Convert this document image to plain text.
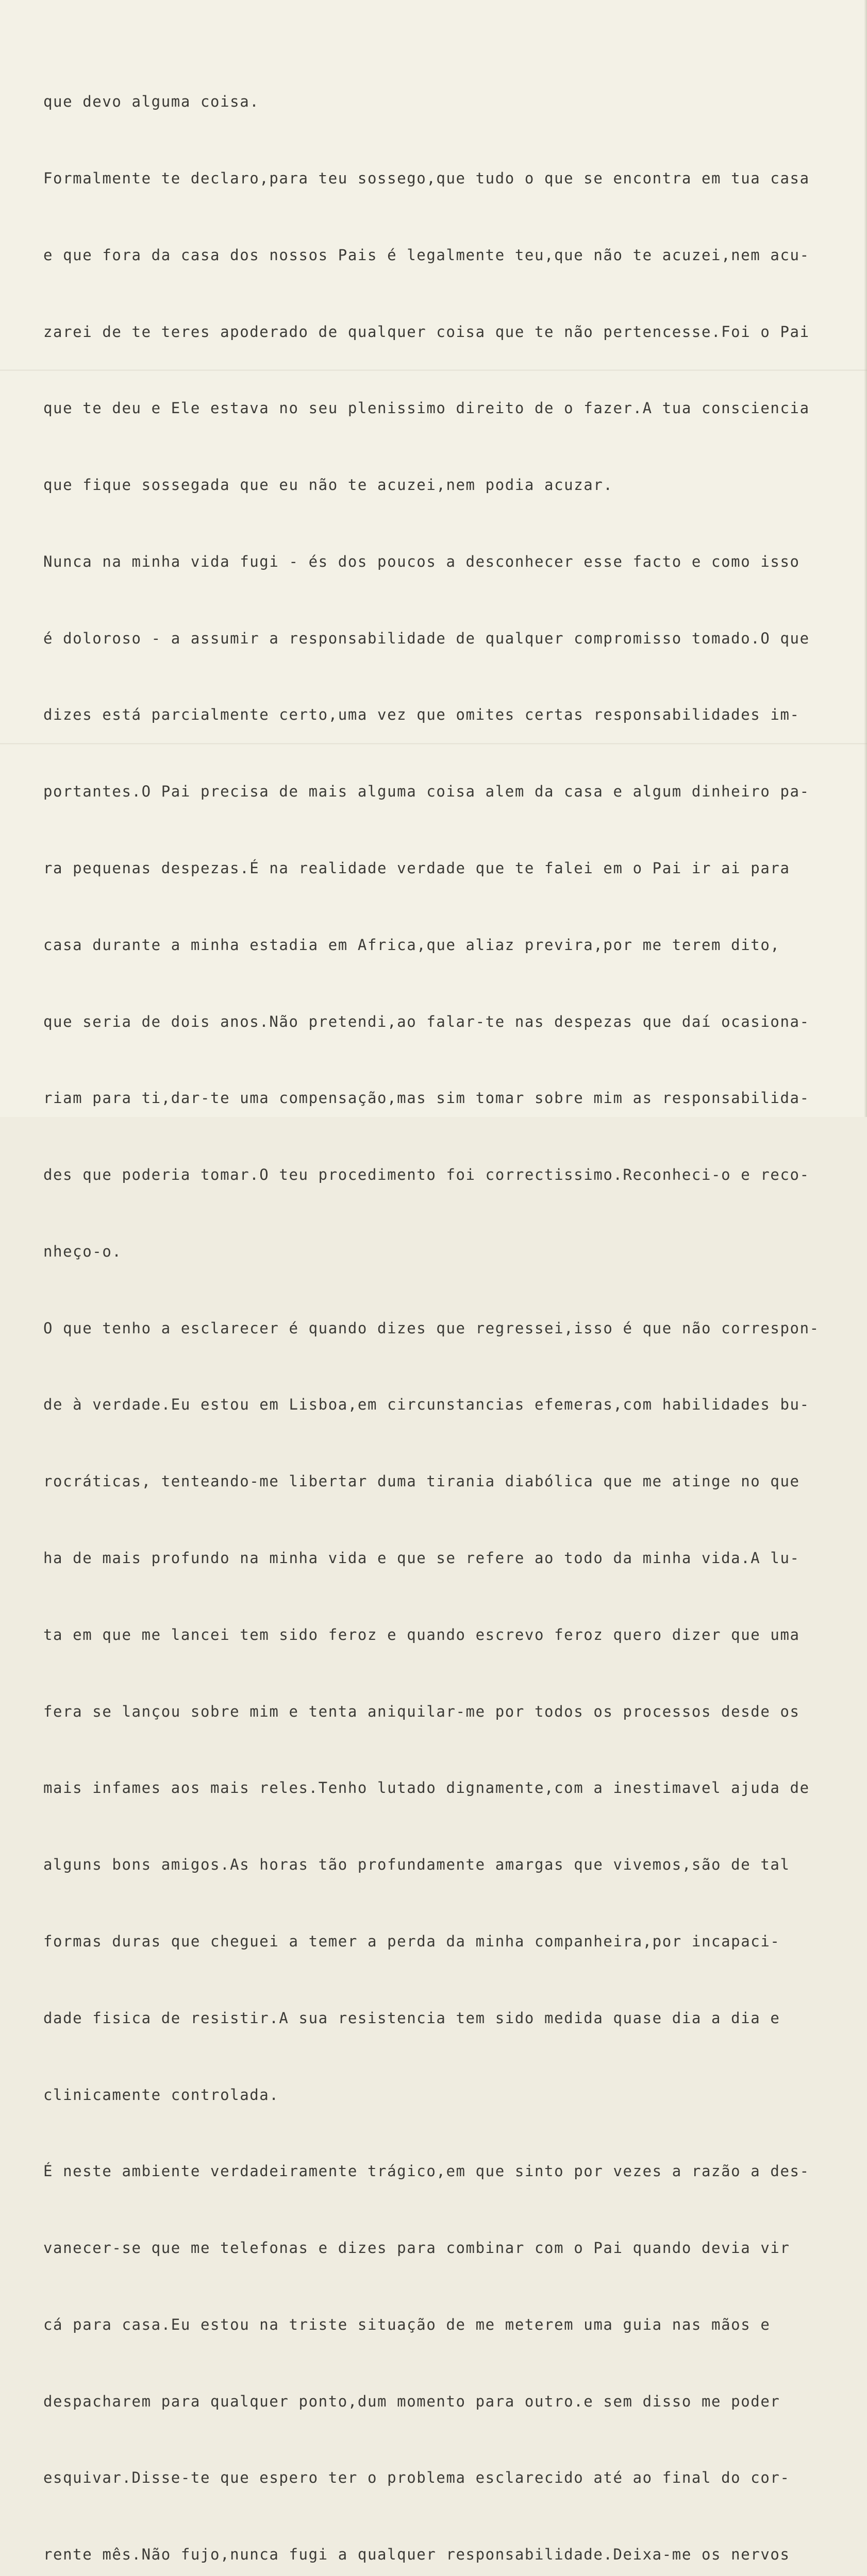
que devo alguma coisa.

Formalmente te declaro,para teu sossego,que tudo o que se encontra em tua casa

e que fora da casa dos nossos Pais é legalmente teu,que não te acuzei,nem acu-

zarei de te teres apoderado de qualquer coisa que te não pertencesse.Foi o Pai

que te deu e Ele estava no seu plenissimo direito de o fazer.A tua consciencia

que fique sossegada que eu não te acuzei,nem podia acuzar.

Nunca na minha vida fugi - és dos poucos a desconhecer esse facto e como isso

é doloroso - a assumir a responsabilidade de qualquer compromisso tomado.O que

dizes está parcialmente certo,uma vez que omites certas responsabilidades im-

portantes.O Pai precisa de mais alguma coisa alem da casa e algum dinheiro pa-

ra pequenas despezas.É na realidade verdade que te falei em o Pai ir ai para

casa durante a minha estadia em Africa,que aliaz previra,por me terem dito,

que seria de dois anos.Não pretendi,ao falar-te nas despezas que daí ocasiona-

riam para ti,dar-te uma compensação,mas sim tomar sobre mim as responsabilida-

des que poderia tomar.O teu procedimento foi correctissimo.Reconheci-o e reco-

nheço-o.

O que tenho a esclarecer é quando dizes que regressei,isso é que não correspon-

de à verdade.Eu estou em Lisboa,em circunstancias efemeras,com habilidades bu-

rocráticas, tenteando-me libertar duma tirania diabólica que me atinge no que

ha de mais profundo na minha vida e que se refere ao todo da minha vida.A lu-

ta em que me lancei tem sido feroz e quando escrevo feroz quero dizer que uma

fera se lançou sobre mim e tenta aniquilar-me por todos os processos desde os

mais infames aos mais reles.Tenho lutado dignamente,com a inestimavel ajuda de

alguns bons amigos.As horas tão profundamente amargas que vivemos,são de tal

formas duras que cheguei a temer a perda da minha companheira,por incapaci-

dade fisica de resistir.A sua resistencia tem sido medida quase dia a dia e

clinicamente controlada.

É neste ambiente verdadeiramente trágico,em que sinto por vezes a razão a des-

vanecer-se que me telefonas e dizes para combinar com o Pai quando devia vir

cá para casa.Eu estou na triste situação de me meterem uma guia nas mãos e

despacharem para qualquer ponto,dum momento para outro.e sem disso me poder

esquivar.Disse-te que espero ter o problema esclarecido até ao final do cor-

rente mês.Não fujo,nunca fugi a qualquer responsabilidade.Deixa-me os nervos
